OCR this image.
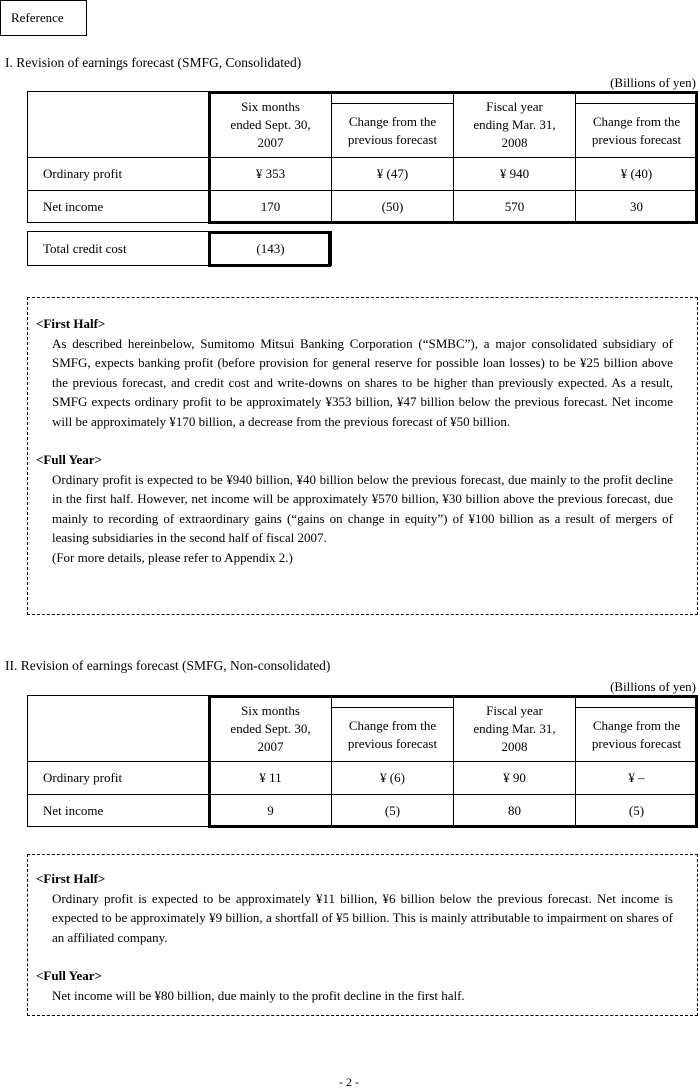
Reference
I. Revision of earnings forecast (SMFG, Consolidated)
(Billions of yen)

	Six months ended Sept. 30, 2007		Fiscal year ending Mar. 31, 2008	

		Change from the previous forecast		Change from the previous forecast

Ordinary profit	¥ 353	¥ (47)	¥ 940	¥ (40)
Net income	170	(50)	570	30
Total credit cost	(143)
<First Half>
As described hereinbelow, Sumitomo Mitsui Banking Corporation (“SMBC”), a major consolidated subsidiary of SMFG, expects banking profit (before provision for general reserve for possible loan losses) to be ¥25 billion above the previous forecast, and credit cost and write-downs on shares to be higher than previously expected. As a result, SMFG expects ordinary profit to be approximately ¥353 billion, ¥47 billion below the previous forecast. Net income will be approximately ¥170 billion, a decrease from the previous forecast of ¥50 billion.
<Full Year>
Ordinary profit is expected to be ¥940 billion, ¥40 billion below the previous forecast, due mainly to the profit decline in the first half. However, net income will be approximately ¥570 billion, ¥30 billion above the previous forecast, due mainly to recording of extraordinary gains (“gains on change in equity”) of ¥100 billion as a result of mergers of leasing subsidiaries in the second half of fiscal 2007.
(For more details, please refer to Appendix 2.)
II. Revision of earnings forecast (SMFG, Non-consolidated)
(Billions of yen)

	Six months ended Sept. 30, 2007		Fiscal year ending Mar. 31, 2008	

		Change from the previous forecast		Change from the previous forecast

Ordinary profit	¥ 11	¥ (6)	¥ 90	¥ –
Net income	9	(5)	80	(5)
<First Half>
Ordinary profit is expected to be approximately ¥11 billion, ¥6 billion below the previous forecast. Net income is expected to be approximately ¥9 billion, a shortfall of ¥5 billion. This is mainly attributable to impairment on shares of an affiliated company.
<Full Year>
Net income will be ¥80 billion, due mainly to the profit decline in the first half.
- 2 -
